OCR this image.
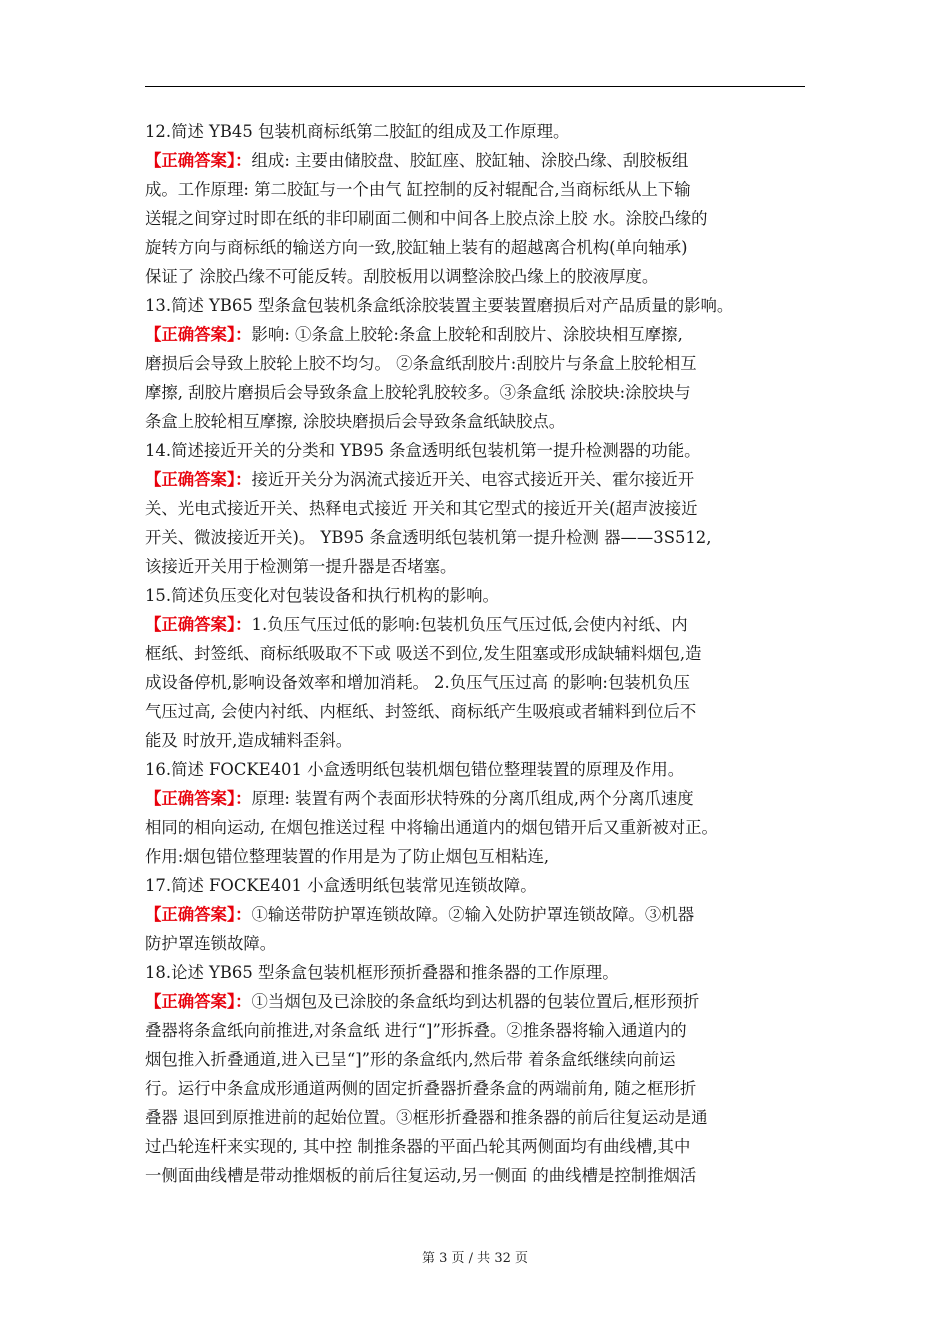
12.简述 YB45 包装机商标纸第二胶缸的组成及工作原理。
【正确答案】：组成: 主要由储胶盘、胶缸座、胶缸轴、涂胶凸缘、刮胶板组
成。工作原理: 第二胶缸与一个由气 缸控制的反衬辊配合,当商标纸从上下输
送辊之间穿过时即在纸的非印刷面二侧和中间各上胶点涂上胶 水。涂胶凸缘的
旋转方向与商标纸的输送方向一致,胶缸轴上装有的超越离合机构(单向轴承)
保证了 涂胶凸缘不可能反转。刮胶板用以调整涂胶凸缘上的胶液厚度。
13.简述 YB65 型条盒包装机条盒纸涂胶装置主要装置磨损后对产品质量的影响。
【正确答案】：影响: ①条盒上胶轮:条盒上胶轮和刮胶片、涂胶块相互摩擦,
磨损后会导致上胶轮上胶不均匀。 ②条盒纸刮胶片:刮胶片与条盒上胶轮相互
摩擦, 刮胶片磨损后会导致条盒上胶轮乳胶较多。③条盒纸 涂胶块:涂胶块与
条盒上胶轮相互摩擦, 涂胶块磨损后会导致条盒纸缺胶点。
14.简述接近开关的分类和 YB95 条盒透明纸包装机第一提升检测器的功能。
【正确答案】：接近开关分为涡流式接近开关、电容式接近开关、霍尔接近开
关、光电式接近开关、热释电式接近 开关和其它型式的接近开关(超声波接近
开关、微波接近开关)。 YB95 条盒透明纸包装机第一提升检测 器——3S512,
该接近开关用于检测第一提升器是否堵塞。
15.简述负压变化对包装设备和执行机构的影响。
【正确答案】：1.负压气压过低的影响:包装机负压气压过低,会使内衬纸、内
框纸、封签纸、商标纸吸取不下或 吸送不到位,发生阻塞或形成缺辅料烟包,造
成设备停机,影响设备效率和增加消耗。 2.负压气压过高 的影响:包装机负压
气压过高, 会使内衬纸、内框纸、封签纸、商标纸产生吸痕或者辅料到位后不
能及 时放开,造成辅料歪斜。
16.简述 FOCKE401 小盒透明纸包装机烟包错位整理装置的原理及作用。
【正确答案】：原理: 装置有两个表面形状特殊的分离爪组成,两个分离爪速度
相同的相向运动, 在烟包推送过程 中将输出通道内的烟包错开后又重新被对正。
作用:烟包错位整理装置的作用是为了防止烟包互相粘连,
17.简述 FOCKE401 小盒透明纸包装常见连锁故障。
【正确答案】：①输送带防护罩连锁故障。②输入处防护罩连锁故障。③机器
防护罩连锁故障。
18.论述 YB65 型条盒包装机框形预折叠器和推条器的工作原理。
【正确答案】：①当烟包及已涂胶的条盒纸均到达机器的包装位置后,框形预折
叠器将条盒纸向前推进,对条盒纸 进行“]”形拆叠。②推条器将输入通道内的
烟包推入折叠通道,进入已呈“]”形的条盒纸内,然后带 着条盒纸继续向前运
行。运行中条盒成形通道两侧的固定折叠器折叠条盒的两端前角, 随之框形折
叠器 退回到原推进前的起始位置。③框形折叠器和推条器的前后往复运动是通
过凸轮连杆来实现的, 其中控 制推条器的平面凸轮其两侧面均有曲线槽,其中
一侧面曲线槽是带动推烟板的前后往复运动,另一侧面 的曲线槽是控制推烟活
第 3 页 / 共 32 页
